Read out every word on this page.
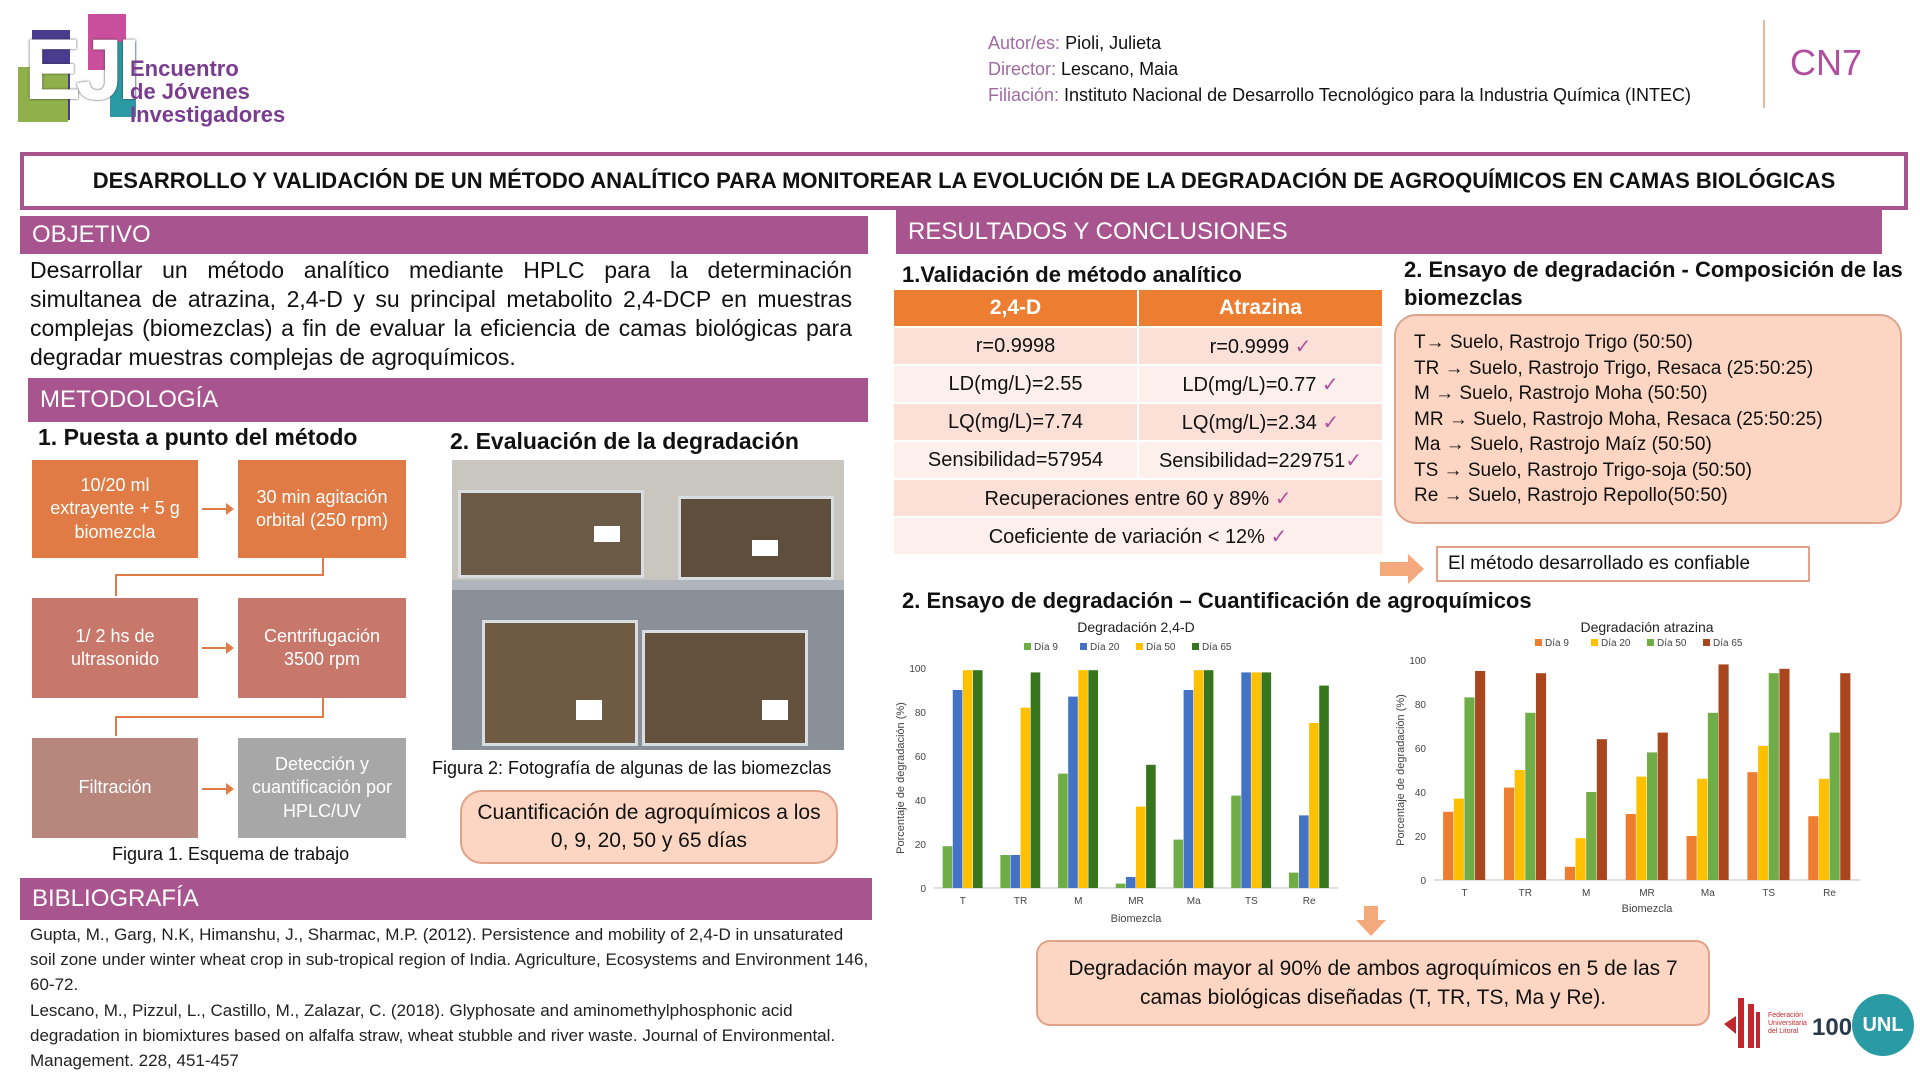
EJI
Encuentro
de Jóvenes
Investigadores
Autor/es: Pioli, Julieta
Director: Lescano, Maia
Filiación: Instituto Nacional de Desarrollo Tecnológico para la Industria Química (INTEC)
CN7
DESARROLLO Y VALIDACIÓN DE UN MÉTODO ANALÍTICO PARA MONITOREAR LA EVOLUCIÓN DE LA DEGRADACIÓN DE AGROQUÍMICOS EN CAMAS BIOLÓGICAS
OBJETIVO
Desarrollar un método analítico mediante HPLC para la determinación simultanea de atrazina, 2,4-D y su principal metabolito 2,4-DCP en muestras complejas (biomezclas) a fin de evaluar la eficiencia de camas biológicas para degradar muestras complejas de agroquímicos.
METODOLOGÍA
1. Puesta a punto del método
10/20 ml extrayente + 5 g biomezcla
30 min agitación orbital (250 rpm)
1/ 2 hs de ultrasonido
Centrifugación 3500 rpm
Filtración
Detección y cuantificación por HPLC/UV
Figura 1. Esquema de trabajo
2. Evaluación de la degradación
Figura 2: Fotografía de algunas de las biomezclas
Cuantificación de agroquímicos a los 0, 9, 20, 50 y 65 días
BIBLIOGRAFÍA
Gupta, M., Garg, N.K, Himanshu, J., Sharmac, M.P. (2012). Persistence and mobility of 2,4-D in unsaturated soil zone under winter wheat crop in sub-tropical region of India. Agriculture, Ecosystems and Environment 146, 60-72.
Lescano, M., Pizzul, L., Castillo, M., Zalazar, C. (2018). Glyphosate and aminomethylphosphonic acid degradation in biomixtures based on alfalfa straw, wheat stubble and river waste. Journal of Environmental. Management. 228, 451-457
RESULTADOS Y CONCLUSIONES
1.Validación de método analítico
2,4-D	Atrazina
r=0.9998	r=0.9999 ✓
LD(mg/L)=2.55	LD(mg/L)=0.77 ✓
LQ(mg/L)=7.74	LQ(mg/L)=2.34 ✓
Sensibilidad=57954	Sensibilidad=229751✓
Recuperaciones entre 60 y 89% ✓	
Coeficiente de variación < 12% ✓	
El método desarrollado es confiable
2. Ensayo de degradación - Composición de las biomezclas
T→ Suelo, Rastrojo Trigo (50:50)
TR → Suelo, Rastrojo Trigo, Resaca (25:50:25)
M → Suelo, Rastrojo Moha (50:50)
MR → Suelo, Rastrojo Moha, Resaca (25:50:25)
Ma → Suelo, Rastrojo Maíz (50:50)
TS → Suelo, Rastrojo Trigo-soja (50:50)
Re → Suelo, Rastrojo Repollo(50:50)
2. Ensayo de degradación – Cuantificación de agroquímicos
Degradación 2,4-D
Día 9	Día 20	Día 50	Día 65
0
20
40
60
80
100
T	TR	M	MR	Ma	TS	Re
Biomezcla
Porcentaje de degradación (%)
Degradación atrazina
Día 9	Día 20	Día 50	Día 65
0
20
40
60
80
100
T	TR	M	MR	Ma	TS	Re
Biomezcla
Porcentaje de degradación (%)
Degradación mayor al 90% de ambos agroquímicos en 5 de las 7 camas biológicas diseñadas (T, TR, TS, Ma y Re).
Federación Universitaria del Litoral 100 UNL
